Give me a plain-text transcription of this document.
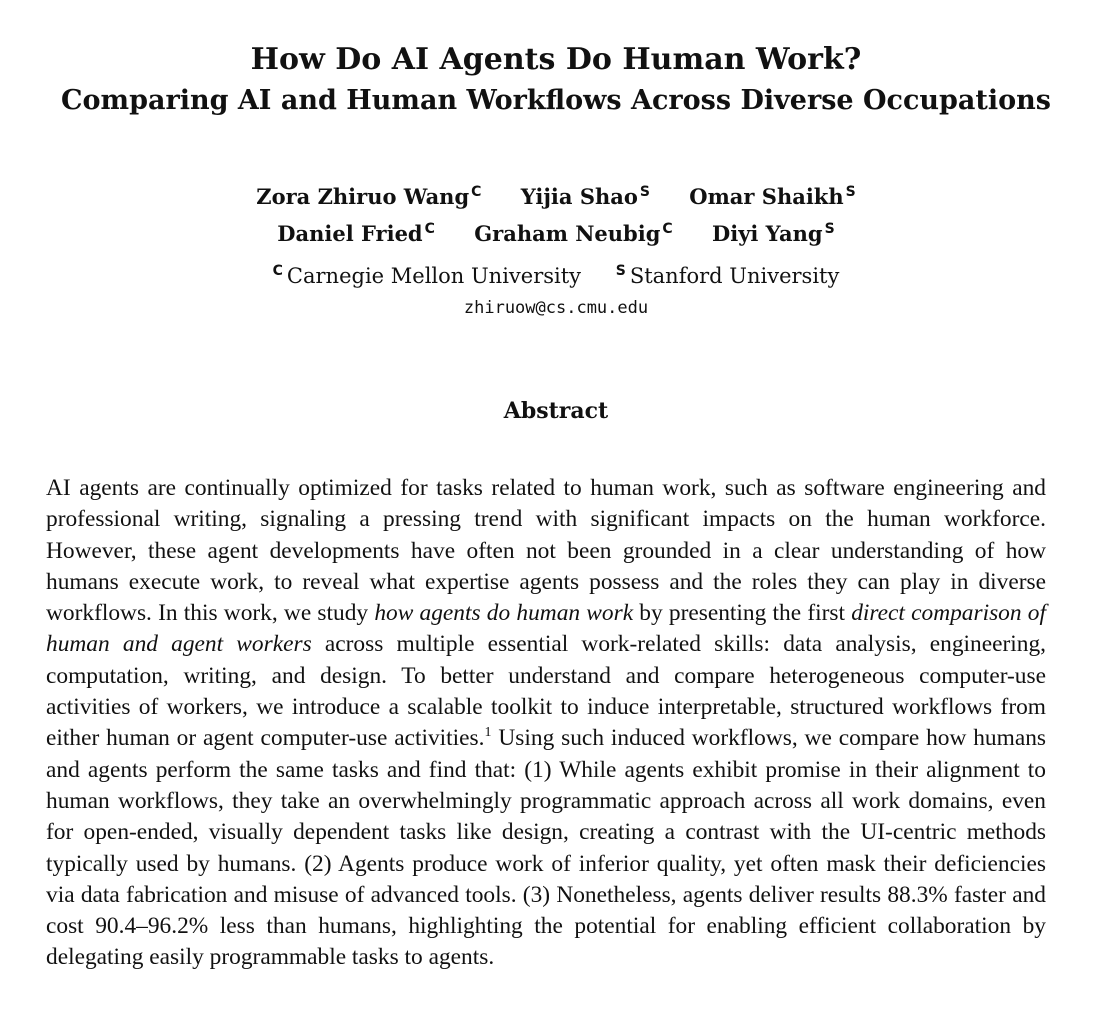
How Do AI Agents Do Human Work?
Comparing AI and Human Workflows Across Diverse Occupations
Zora Zhiruo Wang $^C$ Yijia Shao $^S$ Omar Shaikh $^S$
Daniel Fried $^C$ Graham Neubig $^C$ Diyi Yang $^S$
$^C$ Carnegie Mellon University $^S$ Stanford University
zhiruow@cs.cmu.edu
Abstract

AI agents are continually optimized for tasks related to human work, such as software engineering and professional writing, signaling a pressing trend with significant impacts on the human workforce. However, these agent developments have often not been grounded in a clear understanding of how humans execute work, to reveal what expertise agents possess and the roles they can play in diverse workflows. In this work, we study how agents do human work by presenting the first direct comparison of human and agent workers across multiple essential work-related skills: data analysis, engineering, computation, writing, and design. To better understand and compare heterogeneous computer-use activities of workers, we introduce a scalable toolkit to induce interpretable, structured workflows from either human or agent computer-use activities.$^1$ Using such induced workflows, we compare how humans and agents perform the same tasks and find that: (1) While agents exhibit promise in their alignment to human workflows, they take an overwhelmingly programmatic approach across all work domains, even for open-ended, visually dependent tasks like design, creating a contrast with the UI-centric methods typically used by humans. (2) Agents produce work of inferior quality, yet often mask their deficiencies via data fabrication and misuse of advanced tools. (3) Nonetheless, agents deliver results 88.3% faster and cost 90.4–96.2% less than humans, highlighting the potential for enabling efficient collaboration by delegating easily programmable tasks to agents.
